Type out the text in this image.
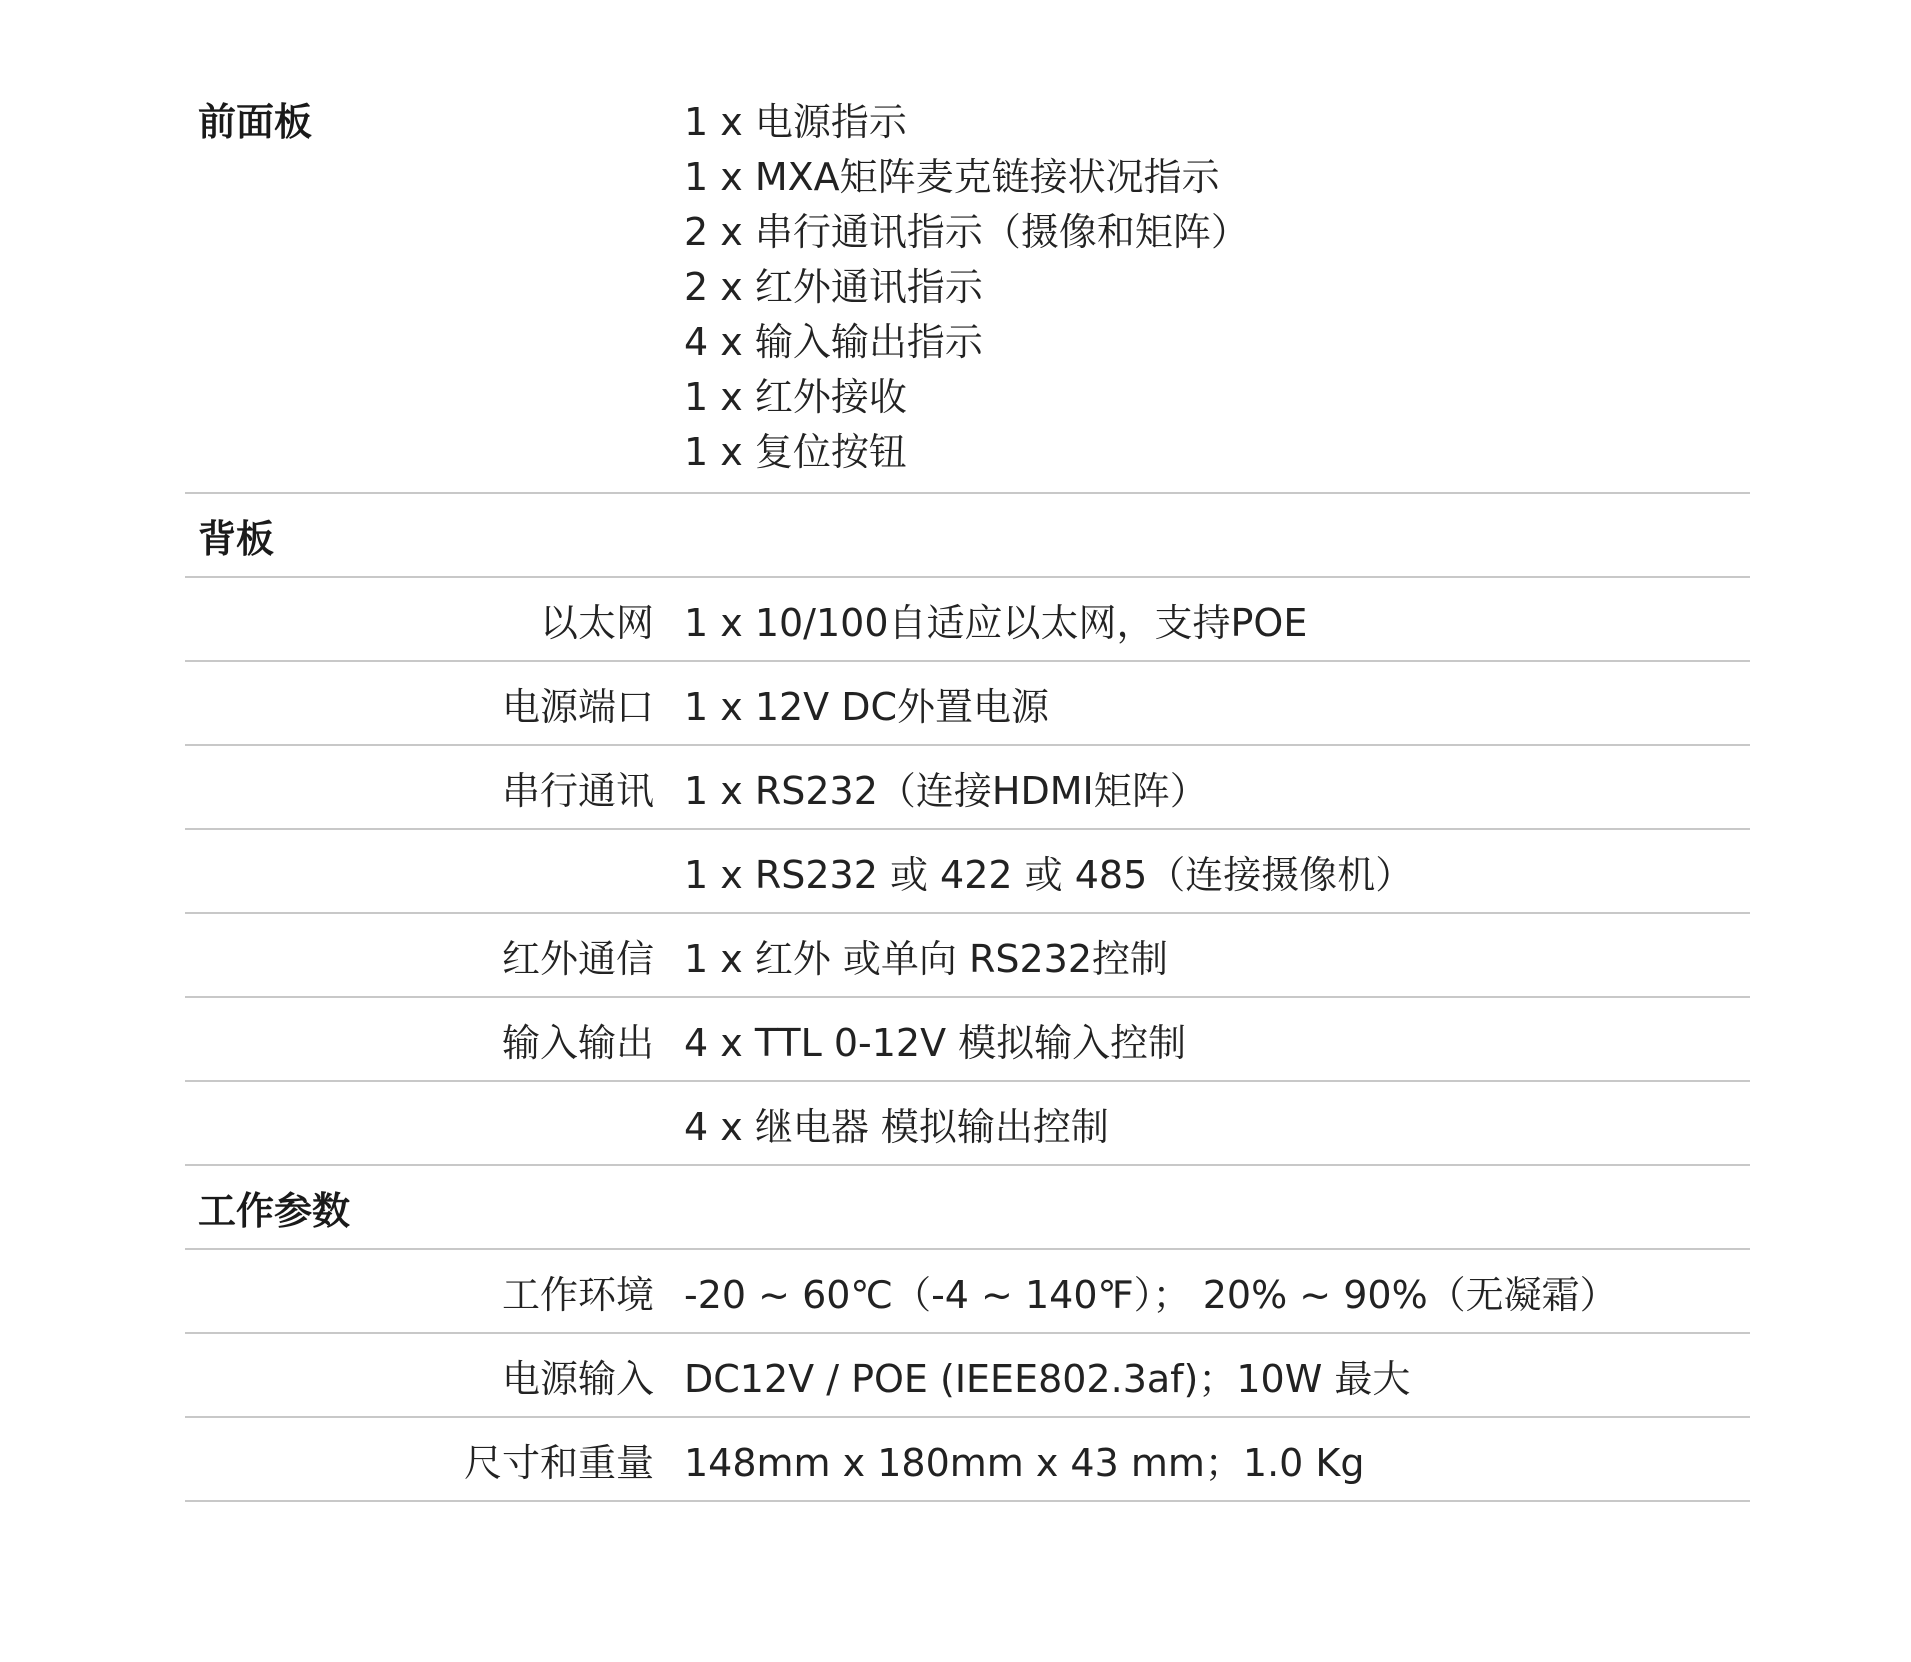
前面板	1 x 电源指示
1 x MXA矩阵麦克链接状况指示
2 x 串行通讯指示（摄像和矩阵）
2 x 红外通讯指示
4 x 输入输出指示
1 x 红外接收
1 x 复位按钮
背板
以太网 1 x 10/100自适应以太网，支持POE
电源端口 1 x 12V DC外置电源
串行通讯 1 x RS232（连接HDMI矩阵）
1 x RS232 或 422 或 485（连接摄像机）
红外通信 1 x 红外 或单向 RS232控制
输入输出 4 x TTL 0-12V 模拟输入控制
4 x 继电器 模拟输出控制
工作参数
工作环境 -20 ~ 60℃（-4 ~ 140℉）； 20% ~ 90%（无凝霜）
电源输入 DC12V / POE (IEEE802.3af)；10W 最大
尺寸和重量 148mm x 180mm x 43 mm；1.0 Kg
